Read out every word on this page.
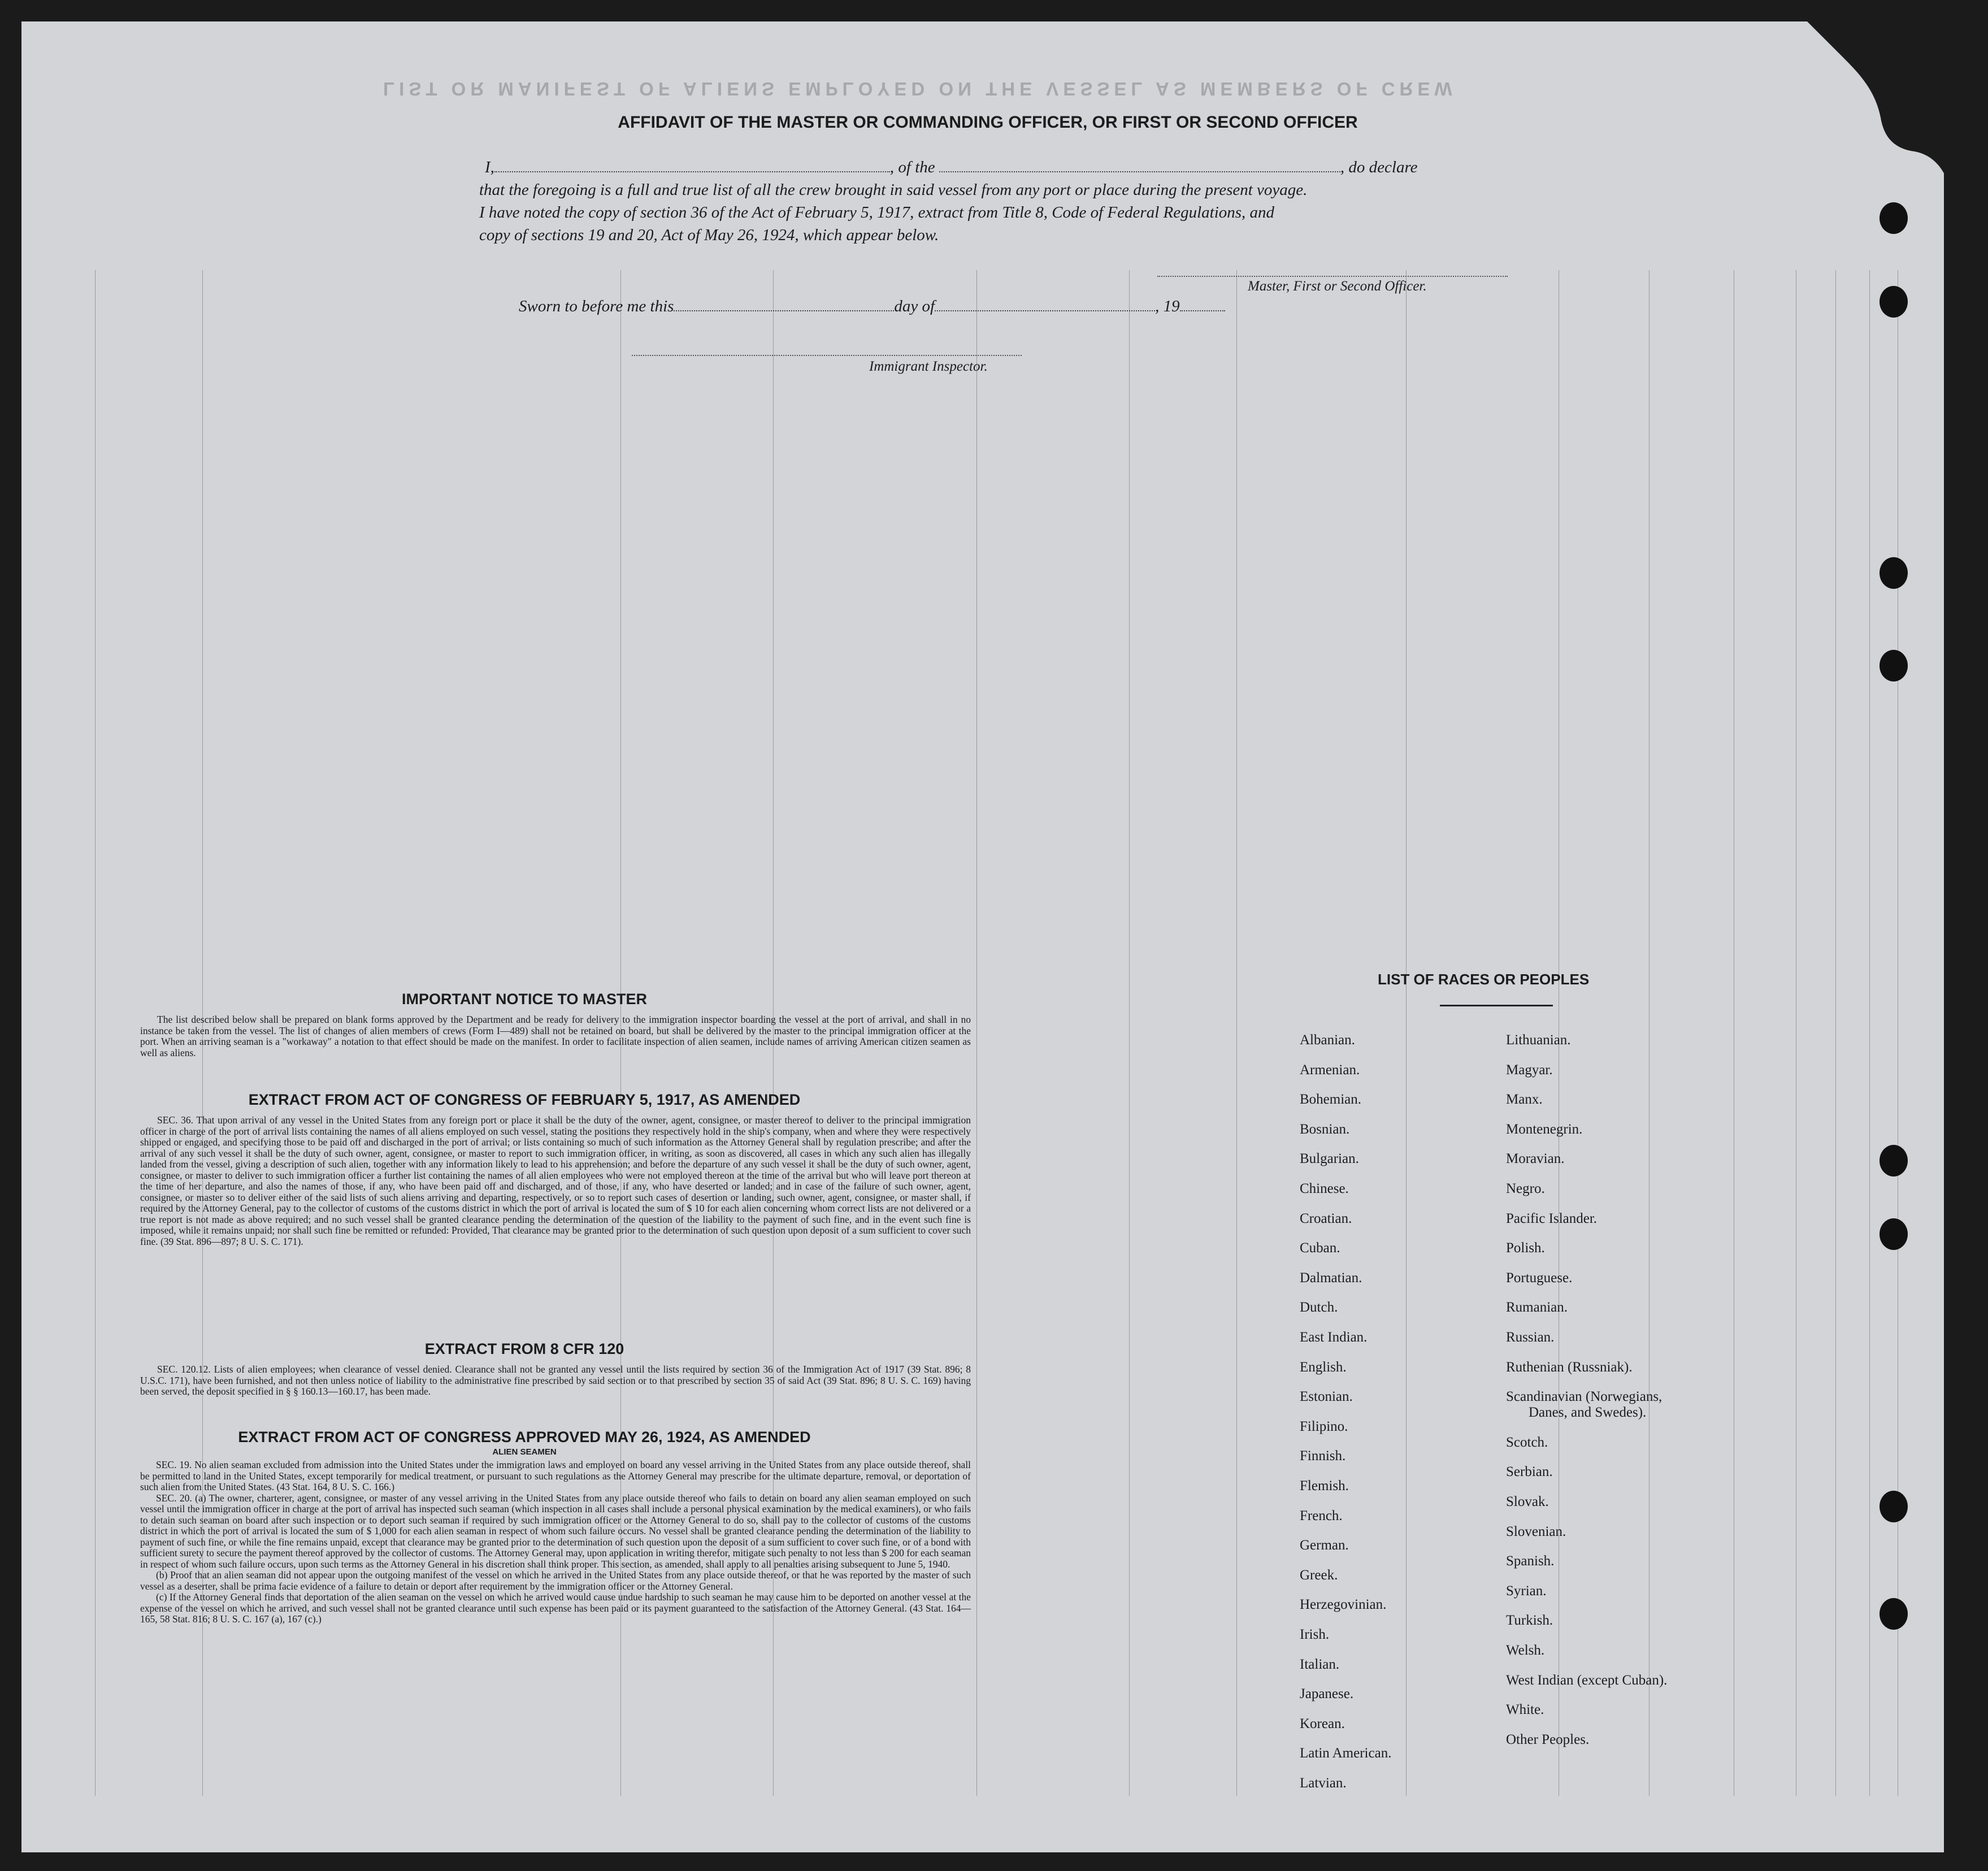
LIST OR MANIFEST OF ALIENS EMPLOYED ON THE VESSEL AS MEMBERS OF CREW
AFFIDAVIT OF THE MASTER OR COMMANDING OFFICER, OR FIRST OR SECOND OFFICER
I,	, of the	, do declare
that the foregoing is a full and true list of all the crew brought in said vessel from any port or place during the present voyage.
I have noted the copy of section 36 of the Act of February 5, 1917, extract from Title 8, Code of Federal Regulations, and
copy of sections 19 and 20, Act of May 26, 1924, which appear below.
Master, First or Second Officer.
Sworn to before me this	day of	, 19
Immigrant Inspector.
IMPORTANT NOTICE TO MASTER
The list described below shall be prepared on blank forms approved by the Department and be ready for delivery to the immigration inspector boarding the vessel at the port of arrival, and shall in no instance be taken from the vessel. The list of changes of alien members of crews (Form I—489) shall not be retained on board, but shall be delivered by the master to the principal immigration officer at the port. When an arriving seaman is a "workaway" a notation to that effect should be made on the manifest. In order to facilitate inspection of alien seamen, include names of arriving American citizen seamen as well as aliens.
EXTRACT FROM ACT OF CONGRESS OF FEBRUARY 5, 1917, AS AMENDED
SEC. 36. That upon arrival of any vessel in the United States from any foreign port or place it shall be the duty of the owner, agent, consignee, or master thereof to deliver to the principal immigration officer in charge of the port of arrival lists containing the names of all aliens employed on such vessel, stating the positions they respectively hold in the ship's company, when and where they were respectively shipped or engaged, and specifying those to be paid off and discharged in the port of arrival; or lists containing so much of such information as the Attorney General shall by regulation prescribe; and after the arrival of any such vessel it shall be the duty of such owner, agent, consignee, or master to report to such immigration officer, in writing, as soon as discovered, all cases in which any such alien has illegally landed from the vessel, giving a description of such alien, together with any information likely to lead to his apprehension; and before the departure of any such vessel it shall be the duty of such owner, agent, consignee, or master to deliver to such immigration officer a further list containing the names of all alien employees who were not employed thereon at the time of the arrival but who will leave port thereon at the time of her departure, and also the names of those, if any, who have been paid off and discharged, and of those, if any, who have deserted or landed; and in case of the failure of such owner, agent, consignee, or master so to deliver either of the said lists of such aliens arriving and departing, respectively, or so to report such cases of desertion or landing, such owner, agent, consignee, or master shall, if required by the Attorney General, pay to the collector of customs of the customs district in which the port of arrival is located the sum of $ 10 for each alien concerning whom correct lists are not delivered or a true report is not made as above required; and no such vessel shall be granted clearance pending the determination of the question of the liability to the payment of such fine, and in the event such fine is imposed, while it remains unpaid; nor shall such fine be remitted or refunded: Provided, That clearance may be granted prior to the determination of such question upon deposit of a sum sufficient to cover such fine. (39 Stat. 896—897; 8 U. S. C. 171).
EXTRACT FROM 8 CFR 120
SEC. 120.12. Lists of alien employees; when clearance of vessel denied. Clearance shall not be granted any vessel until the lists required by section 36 of the Immigration Act of 1917 (39 Stat. 896; 8 U.S.C. 171), have been furnished, and not then unless notice of liability to the administrative fine prescribed by said section or to that prescribed by section 35 of said Act (39 Stat. 896; 8 U. S. C. 169) having been served, the deposit specified in § § 160.13—160.17, has been made.
EXTRACT FROM ACT OF CONGRESS APPROVED MAY 26, 1924, AS AMENDED
ALIEN SEAMEN

SEC. 19. No alien seaman excluded from admission into the United States under the immigration laws and employed on board any vessel arriving in the United States from any place outside thereof, shall be permitted to land in the United States, except temporarily for medical treatment, or pursuant to such regulations as the Attorney General may prescribe for the ultimate departure, removal, or deportation of such alien from the United States. (43 Stat. 164, 8 U. S. C. 166.)

SEC. 20. (a) The owner, charterer, agent, consignee, or master of any vessel arriving in the United States from any place outside thereof who fails to detain on board any alien seaman employed on such vessel until the immigration officer in charge at the port of arrival has inspected such seaman (which inspection in all cases shall include a personal physical examination by the medical examiners), or who fails to detain such seaman on board after such inspection or to deport such seaman if required by such immigration officer or the Attorney General to do so, shall pay to the collector of customs of the customs district in which the port of arrival is located the sum of $ 1,000 for each alien seaman in respect of whom such failure occurs. No vessel shall be granted clearance pending the determination of the liability to payment of such fine, or while the fine remains unpaid, except that clearance may be granted prior to the determination of such question upon the deposit of a sum sufficient to cover such fine, or of a bond with sufficient surety to secure the payment thereof approved by the collector of customs. The Attorney General may, upon application in writing therefor, mitigate such penalty to not less than $ 200 for each seaman in respect of whom such failure occurs, upon such terms as the Attorney General in his discretion shall think proper. This section, as amended, shall apply to all penalties arising subsequent to June 5, 1940.

(b) Proof that an alien seaman did not appear upon the outgoing manifest of the vessel on which he arrived in the United States from any place outside thereof, or that he was reported by the master of such vessel as a deserter, shall be prima facie evidence of a failure to detain or deport after requirement by the immigration officer or the Attorney General.

(c) If the Attorney General finds that deportation of the alien seaman on the vessel on which he arrived would cause undue hardship to such seaman he may cause him to be deported on another vessel at the expense of the vessel on which he arrived, and such vessel shall not be granted clearance until such expense has been paid or its payment guaranteed to the satisfaction of the Attorney General. (43 Stat. 164—165, 58 Stat. 816; 8 U. S. C. 167 (a), 167 (c).)

LIST OF RACES OR PEOPLES
Albanian.
Armenian.
Bohemian.
Bosnian.
Bulgarian.
Chinese.
Croatian.
Cuban.
Dalmatian.
Dutch.
East Indian.
English.
Estonian.
Filipino.
Finnish.
Flemish.
French.
German.
Greek.
Herzegovinian.
Irish.
Italian.
Japanese.
Korean.
Latin American.
Latvian.
Lithuanian.
Magyar.
Manx.
Montenegrin.
Moravian.
Negro.
Pacific Islander.
Polish.
Portuguese.
Rumanian.
Russian.
Ruthenian (Russniak).
Scandinavian (Norwegians,
Danes, and Swedes).
Scotch.
Serbian.
Slovak.
Slovenian.
Spanish.
Syrian.
Turkish.
Welsh.
West Indian (except Cuban).
White.
Other Peoples.
